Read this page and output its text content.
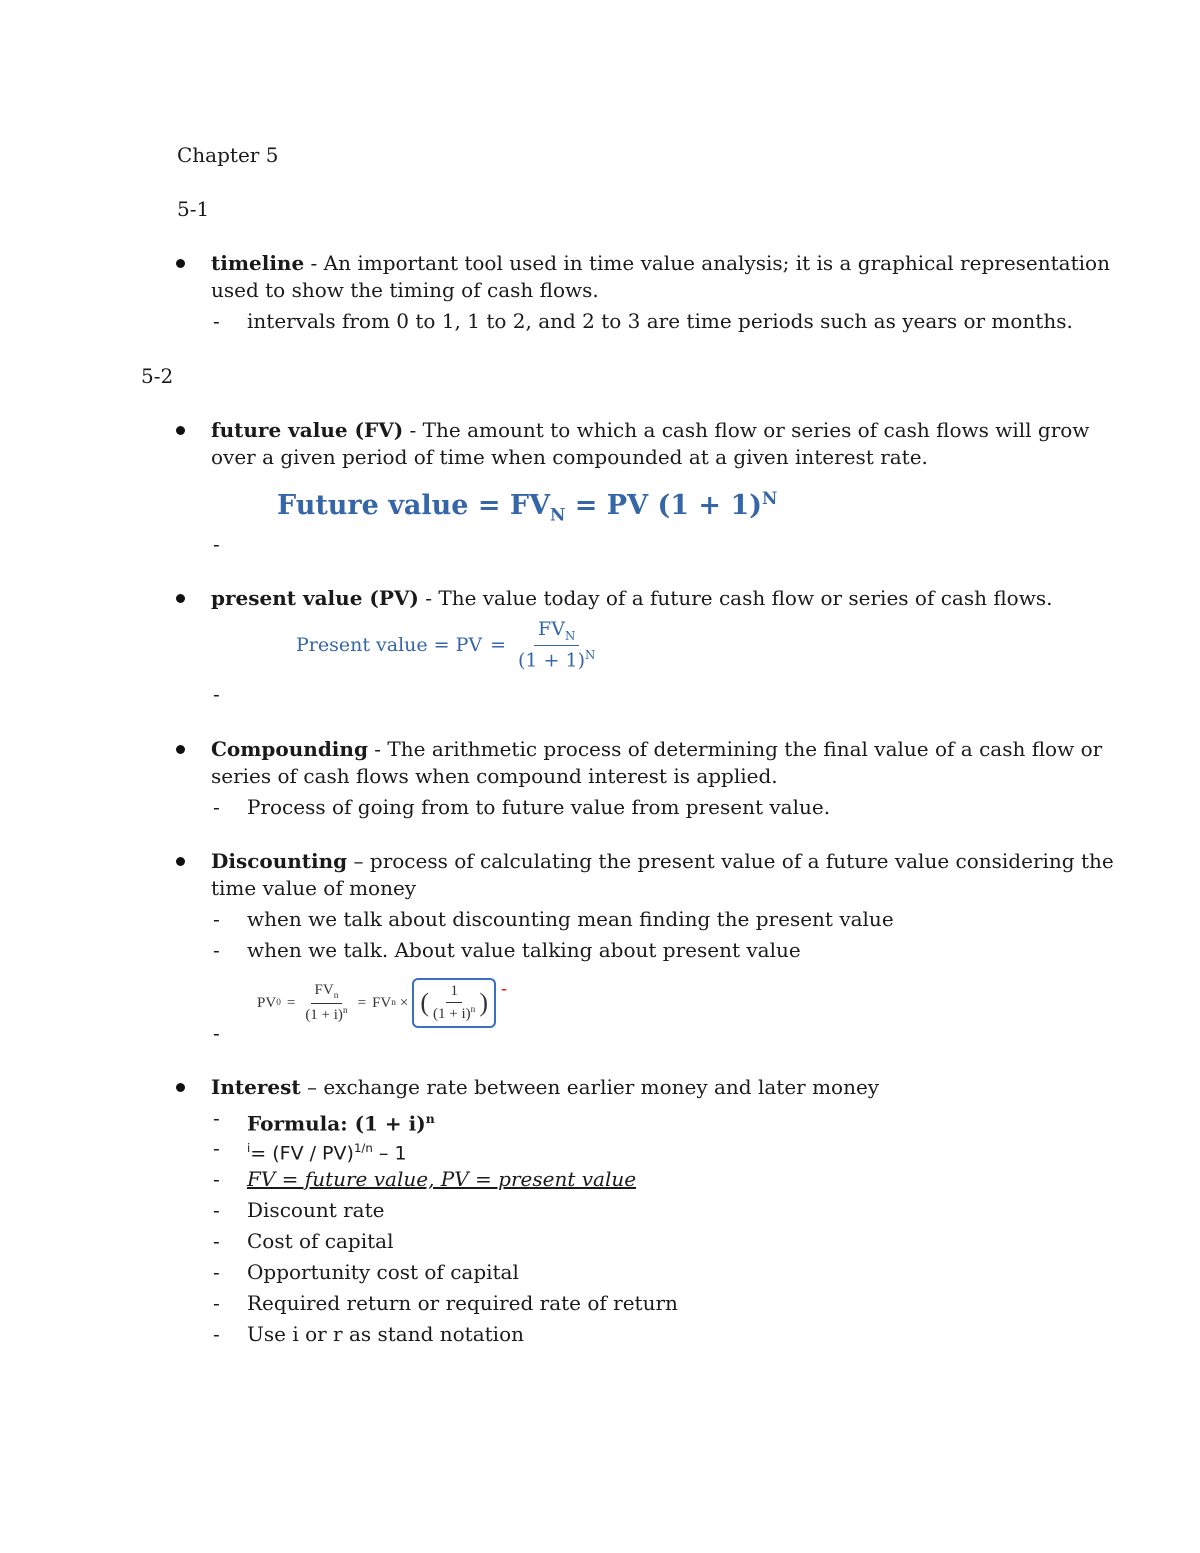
Chapter 5
5-1
timeline - An important tool used in time value analysis; it is a graphical representation
used to show the timing of cash flows.
- intervals from 0 to 1, 1 to 2, and 2 to 3 are time periods such as years or months.
5-2
future value (FV) - The amount to which a cash flow or series of cash flows will grow
over a given period of time when compounded at a given interest rate.
Future value = $FV_N$ = PV $(1 + 1)^N$
-
present value (PV) - The value today of a future cash flow or series of cash flows.
Present value = PV = $\frac{FV_N}{(1 + 1)^N}$
-
Compounding - The arithmetic process of determining the final value of a cash flow or
series of cash flows when compound interest is applied.
- Process of going from to future value from present value.
Discounting – process of calculating the present value of a future value considering the
time value of money
- when we talk about discounting mean finding the present value
- when we talk. About value talking about present value
PV $0 = \frac{FV_n}{(1 + i)^n}$ = FV n × ( $\frac{1}{(1 + i)^n}$ ) -
-
Interest – exchange rate between earlier money and later money
- Formula: $(1 + i)^n$
- $^i$= (FV / PV)$^{1/n}$ – 1
- FV = future value, PV = present value
- Discount rate
- Cost of capital
- Opportunity cost of capital
- Required return or required rate of return
- Use i or r as stand notation
